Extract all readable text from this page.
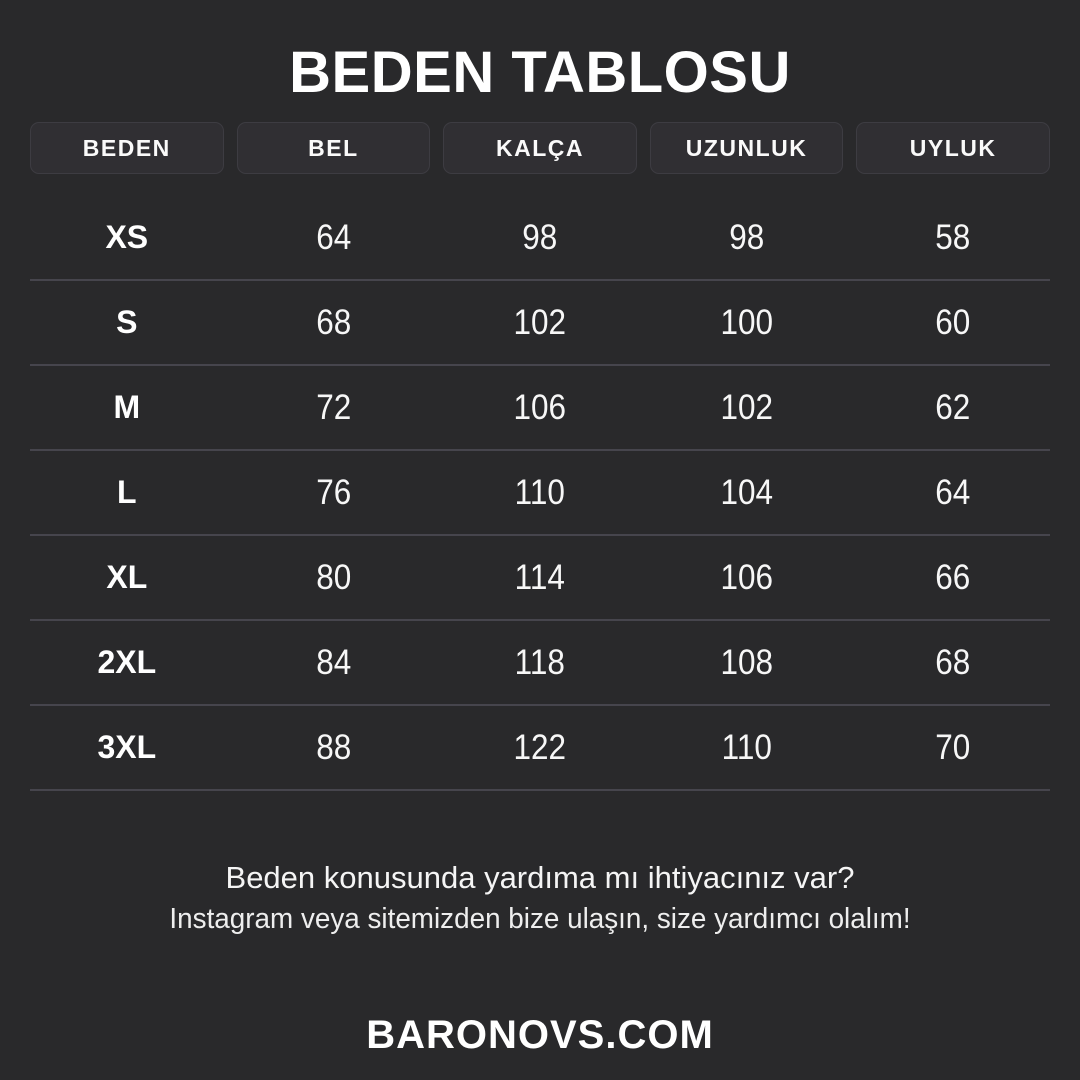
BEDEN TABLOSU
BEDEN	BEL	KALÇA	UZUNLUK	UYLUK
XS	64	98	98	58
S	68	102	100	60
M	72	106	102	62
L	76	110	104	64
XL	80	114	106	66
2XL	84	118	108	68
3XL	88	122	110	70
Beden konusunda yardıma mı ihtiyacınız var?
Instagram veya sitemizden bize ulaşın, size yardımcı olalım!
BARONOVS.COM
